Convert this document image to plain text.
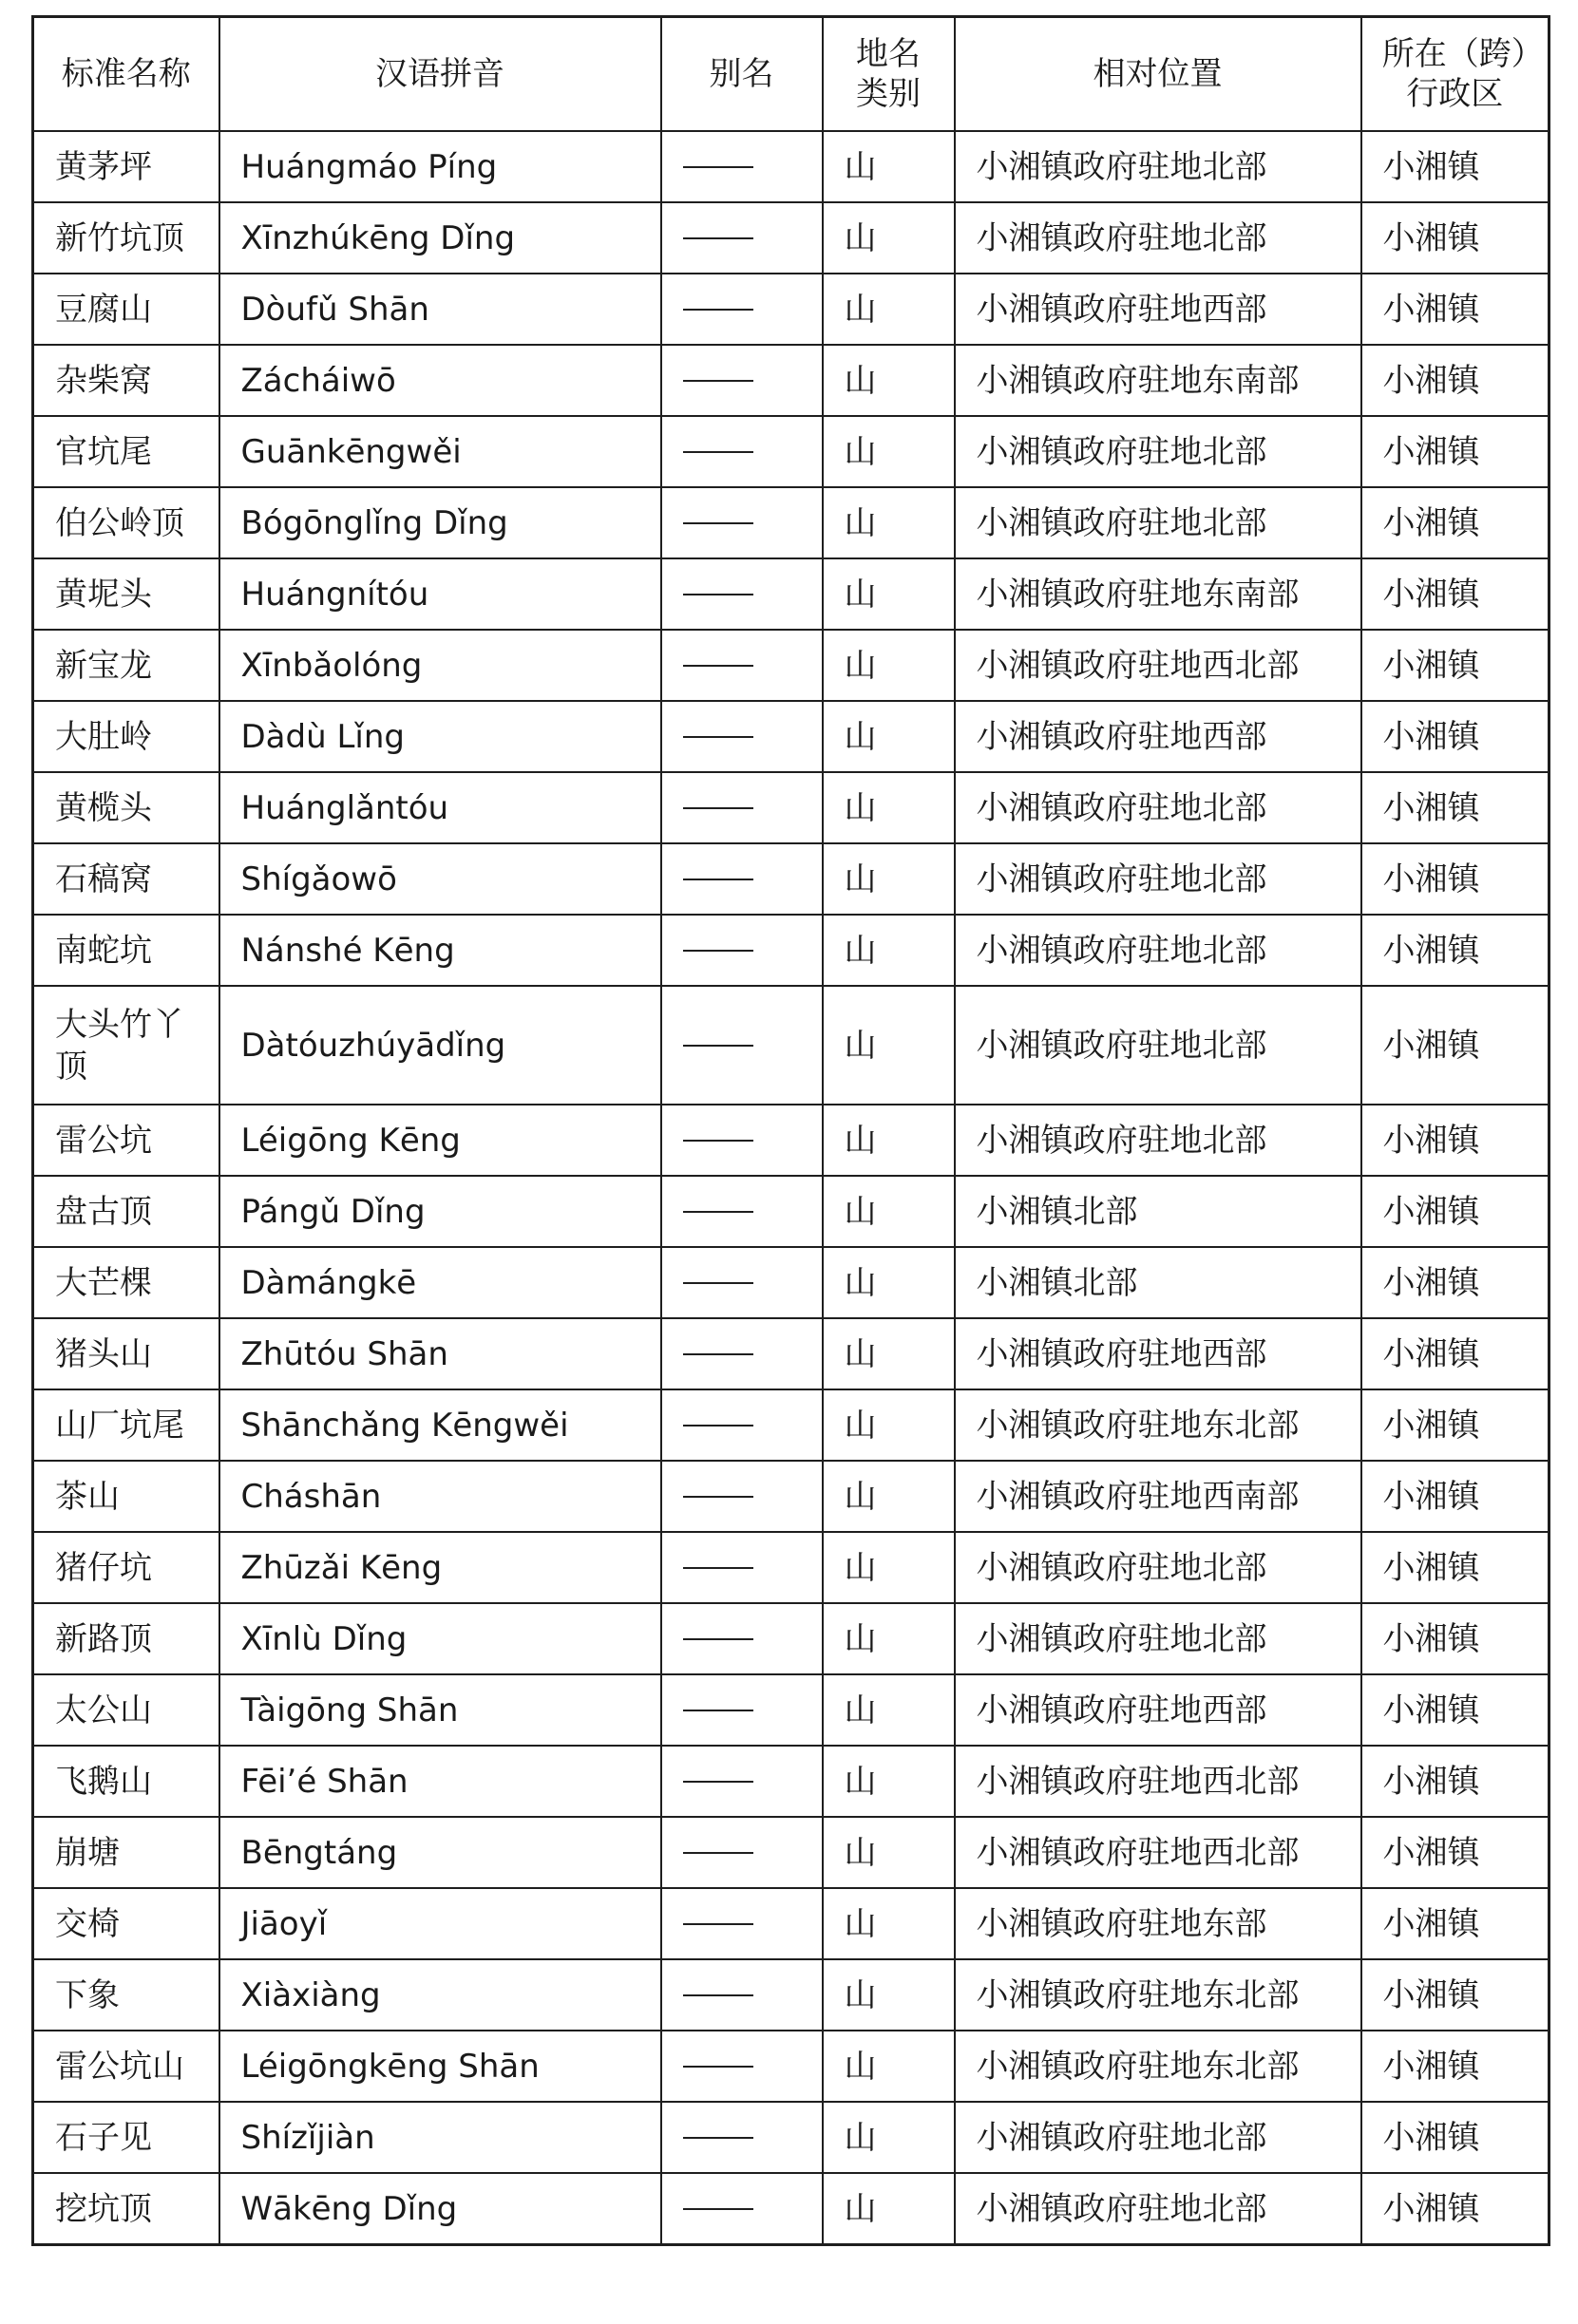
标准名称	汉语拼音	别名	地名类别	相对位置	所在（跨）行政区
黄茅坪	Huángmáo Píng		山	小湘镇政府驻地北部	小湘镇
新竹坑顶	Xīnzhúkēng Dǐng		山	小湘镇政府驻地北部	小湘镇
豆腐山	Dòufǔ Shān		山	小湘镇政府驻地西部	小湘镇
杂柴窝	Zácháiwō		山	小湘镇政府驻地东南部	小湘镇
官坑尾	Guānkēngwěi		山	小湘镇政府驻地北部	小湘镇
伯公岭顶	Bógōnglǐng Dǐng		山	小湘镇政府驻地北部	小湘镇
黄坭头	Huángnítóu		山	小湘镇政府驻地东南部	小湘镇
新宝龙	Xīnbǎolóng		山	小湘镇政府驻地西北部	小湘镇
大肚岭	Dàdù Lǐng		山	小湘镇政府驻地西部	小湘镇
黄榄头	Huánglǎntóu		山	小湘镇政府驻地北部	小湘镇
石稿窝	Shígǎowō		山	小湘镇政府驻地北部	小湘镇
南蛇坑	Nánshé Kēng		山	小湘镇政府驻地北部	小湘镇
大头竹丫顶	Dàtóuzhúyādǐng		山	小湘镇政府驻地北部	小湘镇
雷公坑	Léigōng Kēng		山	小湘镇政府驻地北部	小湘镇
盘古顶	Pángǔ Dǐng		山	小湘镇北部	小湘镇
大芒棵	Dàmángkē		山	小湘镇北部	小湘镇
猪头山	Zhūtóu Shān		山	小湘镇政府驻地西部	小湘镇
山厂坑尾	Shānchǎng Kēngwěi		山	小湘镇政府驻地东北部	小湘镇
茶山	Cháshān		山	小湘镇政府驻地西南部	小湘镇
猪仔坑	Zhūzǎi Kēng		山	小湘镇政府驻地北部	小湘镇
新路顶	Xīnlù Dǐng		山	小湘镇政府驻地北部	小湘镇
太公山	Tàigōng Shān		山	小湘镇政府驻地西部	小湘镇
飞鹅山	Fēi’é Shān		山	小湘镇政府驻地西北部	小湘镇
崩塘	Bēngtáng		山	小湘镇政府驻地西北部	小湘镇
交椅	Jiāoyǐ		山	小湘镇政府驻地东部	小湘镇
下象	Xiàxiàng		山	小湘镇政府驻地东北部	小湘镇
雷公坑山	Léigōngkēng Shān		山	小湘镇政府驻地东北部	小湘镇
石子见	Shízǐjiàn		山	小湘镇政府驻地北部	小湘镇
挖坑顶	Wākēng Dǐng		山	小湘镇政府驻地北部	小湘镇
